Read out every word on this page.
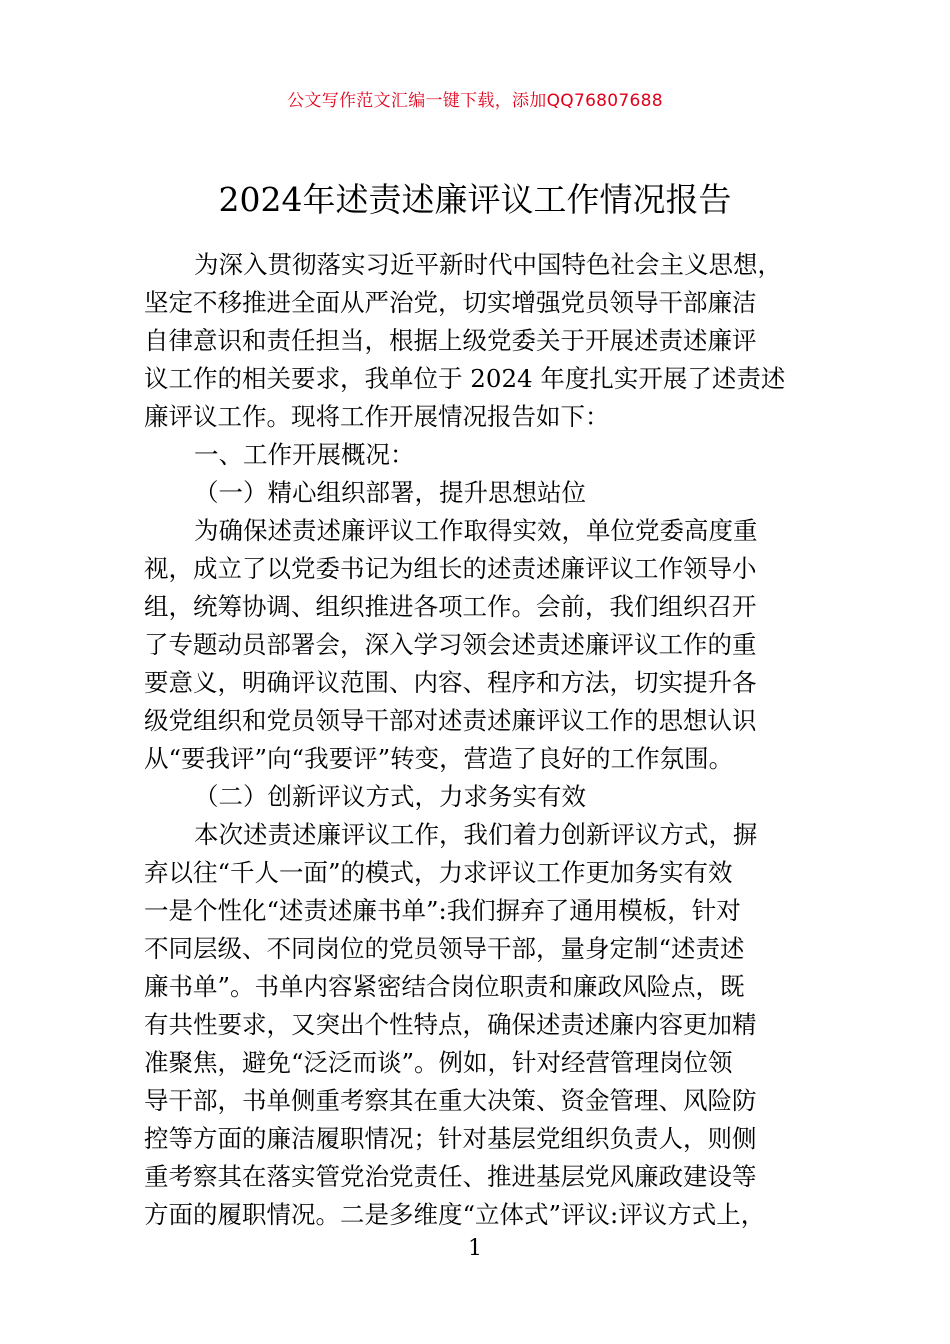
公文写作范文汇编一键下载，添加QQ76807688
2024年述责述廉评议工作情况报告
为深入贯彻落实习近平新时代中国特色社会主义思想，
坚定不移推进全面从严治党，切实增强党员领导干部廉洁
自律意识和责任担当，根据上级党委关于开展述责述廉评
议工作的相关要求，我单位于 2024 年度扎实开展了述责述
廉评议工作。现将工作开展情况报告如下：
一、工作开展概况：
（一）精心组织部署，提升思想站位
为确保述责述廉评议工作取得实效，单位党委高度重
视，成立了以党委书记为组长的述责述廉评议工作领导小
组，统筹协调、组织推进各项工作。会前，我们组织召开
了专题动员部署会，深入学习领会述责述廉评议工作的重
要意义，明确评议范围、内容、程序和方法，切实提升各
级党组织和党员领导干部对述责述廉评议工作的思想认识
从“要我评”向“我要评”转变，营造了良好的工作氛围。
（二）创新评议方式，力求务实有效
本次述责述廉评议工作，我们着力创新评议方式，摒
弃以往“千人一面”的模式，力求评议工作更加务实有效
一是个性化“述责述廉书单”:我们摒弃了通用模板，针对
不同层级、不同岗位的党员领导干部，量身定制“述责述
廉书单”。书单内容紧密结合岗位职责和廉政风险点，既
有共性要求，又突出个性特点，确保述责述廉内容更加精
准聚焦，避免“泛泛而谈”。例如，针对经营管理岗位领
导干部，书单侧重考察其在重大决策、资金管理、风险防
控等方面的廉洁履职情况；针对基层党组织负责人，则侧
重考察其在落实管党治党责任、推进基层党风廉政建设等
方面的履职情况。二是多维度“立体式”评议:评议方式上，
1
